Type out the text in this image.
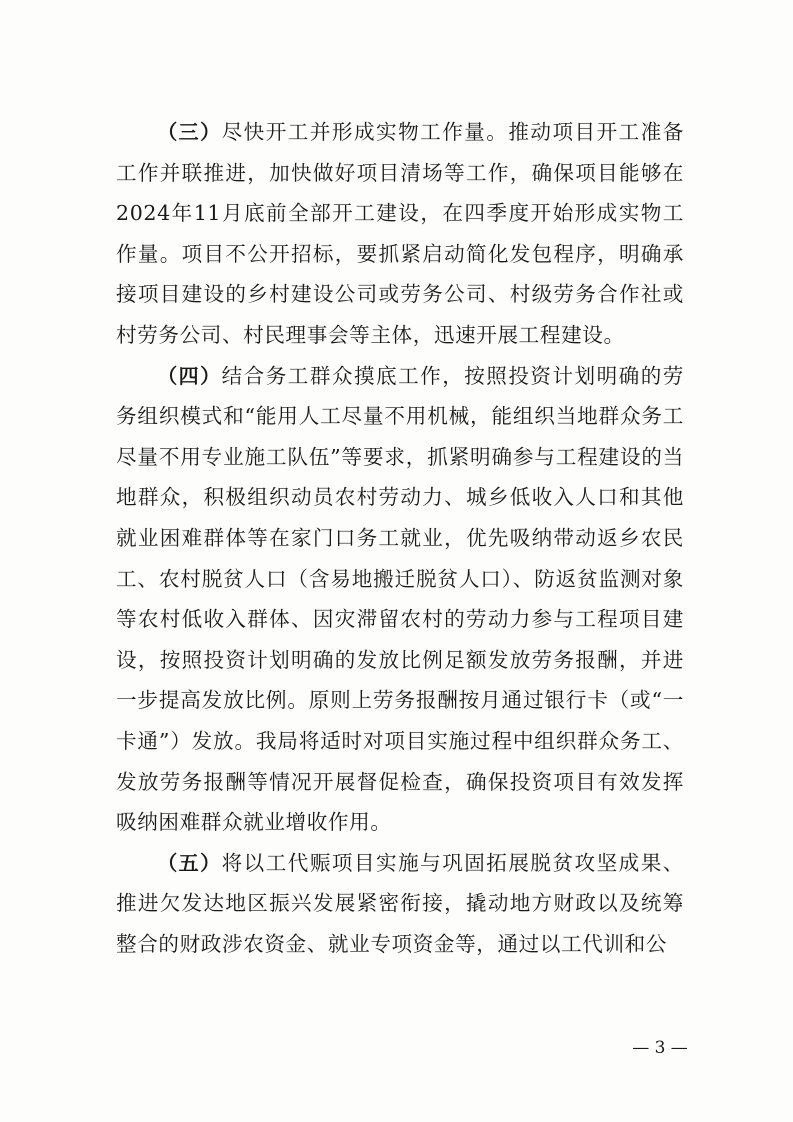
（三）尽快开工并形成实物工作量。推动项目开工准备工作并联推进，加快做好项目清场等工作，确保项目能够在2024年11月底前全部开工建设，在四季度开始形成实物工作量。项目不公开招标，要抓紧启动简化发包程序，明确承接项目建设的乡村建设公司或劳务公司、村级劳务合作社或村劳务公司、村民理事会等主体，迅速开展工程建设。

（四）结合务工群众摸底工作，按照投资计划明确的劳务组织模式和“能用人工尽量不用机械，能组织当地群众务工尽量不用专业施工队伍”等要求，抓紧明确参与工程建设的当地群众，积极组织动员农村劳动力、城乡低收入人口和其他就业困难群体等在家门口务工就业，优先吸纳带动返乡农民工、农村脱贫人口（含易地搬迁脱贫人口）、防返贫监测对象等农村低收入群体、因灾滞留农村的劳动力参与工程项目建设，按照投资计划明确的发放比例足额发放劳务报酬，并进一步提高发放比例。原则上劳务报酬按月通过银行卡（或“一卡通”）发放。我局将适时对项目实施过程中组织群众务工、发放劳务报酬等情况开展督促检查，确保投资项目有效发挥吸纳困难群众就业增收作用。

（五）将以工代赈项目实施与巩固拓展脱贫攻坚成果、推进欠发达地区振兴发展紧密衔接，撬动地方财政以及统筹整合的财政涉农资金、就业专项资金等，通过以工代训和公

— 3 —
